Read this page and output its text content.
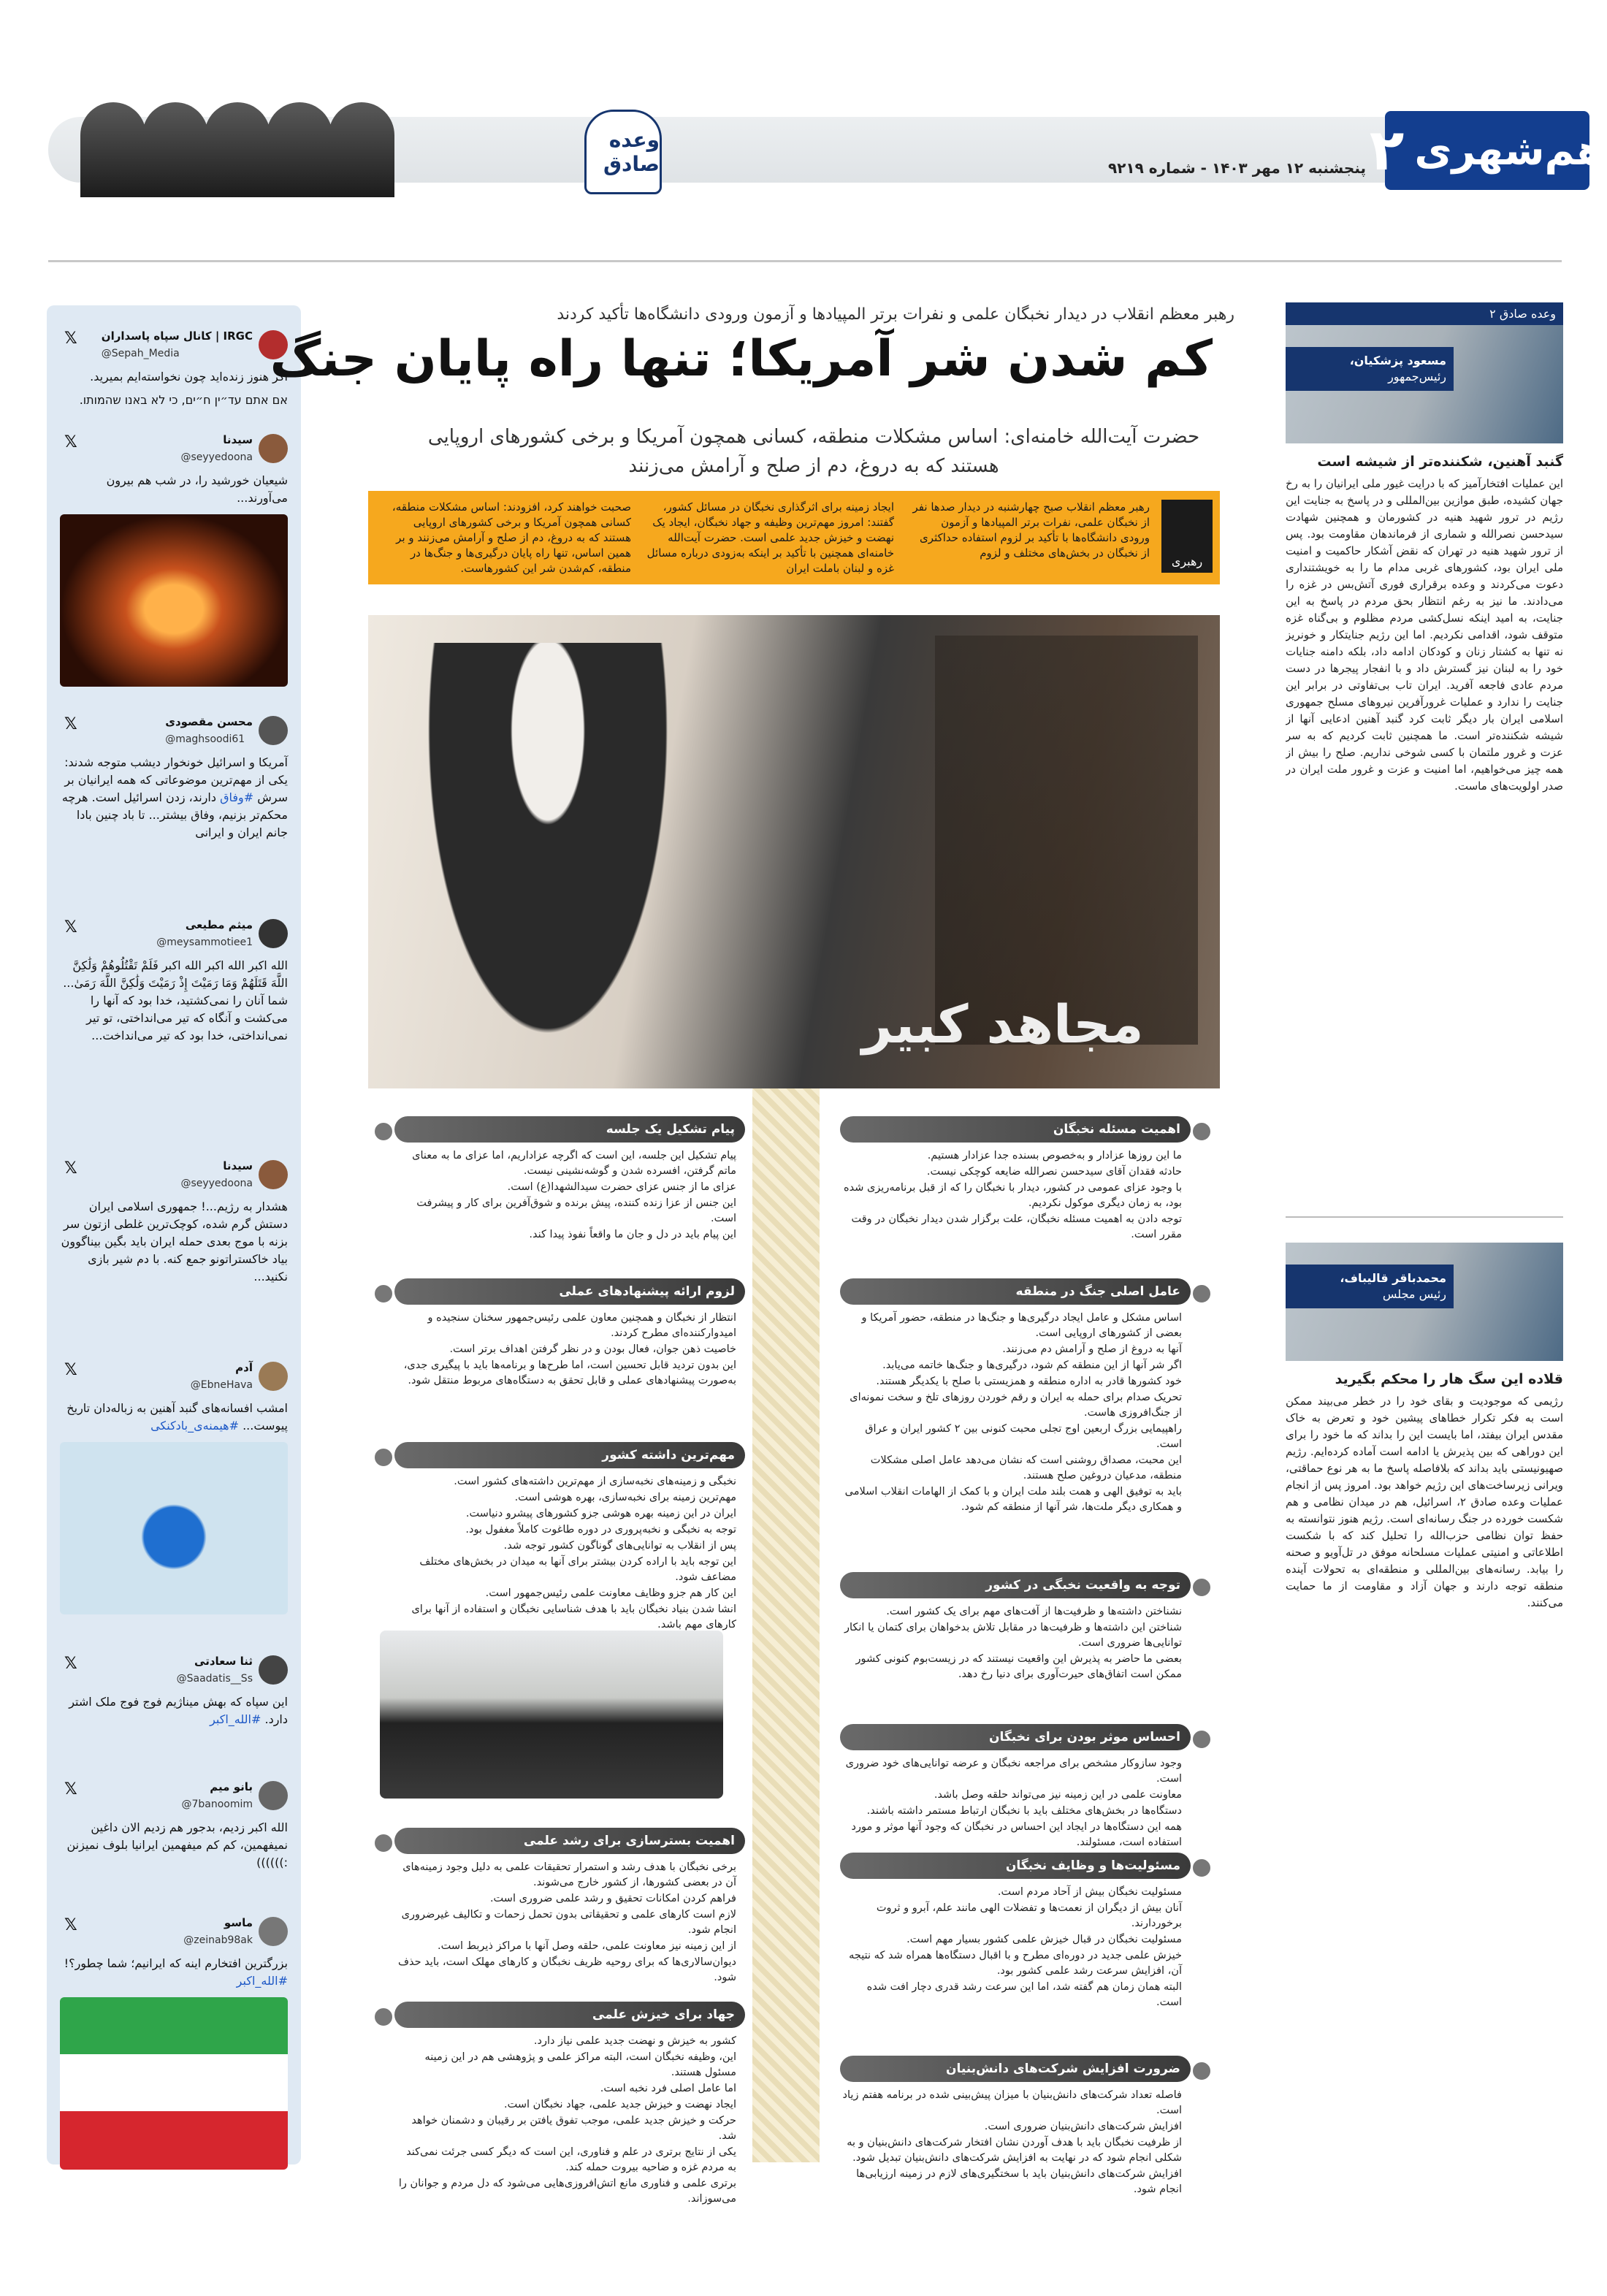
وعده صادق	پنجشنبه ۱۲ مهر ۱۴۰۳ - شماره ۹۲۱۹ هم‌شهری
۲
IRGC | کانال سپاه پاسداران
@Sepah_Media
𝕏
اگر هنوز زنده‌اید چون نخواسته‌ایم بمیرید.
אם אתם עד״ין ח״ים, כי לא באנו שהמותו.
سیدنا
@seyyedoona
𝕏
شیعیان خورشید را، در شب هم بیرون می‌آورند...
محسن مقصودی
@maghsoodi61
𝕏
آمریکا و اسرائیل خونخوار دیشب متوجه شدند: یکی از مهم‌ترین موضوعاتی که همه ایرانیان بر سرش #وفاق دارند، زدن اسرائیل است. هرچه محکم‌تر بزنیم، وفاق بیشتر... تا باد چنین بادا جانم ایران و ایرانی
میثم مطیعی
@meysammotiee1
𝕏
الله اکبر الله اکبر الله اکبر فَلَمْ تَقْتُلُوهُمْ وَلَٰکِنَّ اللَّهَ قَتَلَهُمْ وَمَا رَمَیْتَ إِذْ رَمَیْتَ وَلَٰکِنَّ اللَّهَ رَمَىٰ... شما آنان را نمی‌کشتید، خدا بود که آنها را می‌کشت و آنگاه که تیر می‌انداختی، تو تیر نمی‌انداختی، خدا بود که تیر می‌انداخت...
سیدنا
@seyyedoona
𝕏
هشدار به رژیم...! جمهوری اسلامی ایران دستش گرم شده، کوچک‌ترین غلطی ازتون سر بزنه با موج بعدی حمله ایران باید بگین بیناگوون بیاد خاکستراتونو جمع کنه. با دم شیر بازی نکنید...
آدم
@EbneHava
𝕏
امشب افسانه‌های گنبد آهنین به زباله‌دان تاریخ پیوست... #هیمنه‌ی_بادکنکی
ثنا سعادتی
@Saadatis__Ss
𝕏
این سپاه که بهش میناژیم فوج فوج ملک اشتر دارد. #الله_اکبر
بانو میم
@7banoomim
𝕏
الله اکبر زدیم، بدجور هم زدیم الان داغین نمیفهمین، کم کم میفهمین ایرانیا بلوف نمیزنن :))))))
ماسو
@zeinab98ak
𝕏
بزرگترین افتخارم اینه که ایرانیم؛ شما چطور؟! #الله_اکبر
رهبر معظم انقلاب در دیدار نخبگان علمی و نفرات برتر المپیادها و آزمون ورودی دانشگاه‌ها تأکید کردند
کم شدن شر آمریکا؛ تنها راه پایان جنگ
حضرت آیت‌الله خامنه‌ای: اساس مشکلات منطقه، کسانی همچون آمریکا و برخی کشورهای اروپایی هستند که به دروغ، دم از صلح و آرامش می‌زنند
رهبری
رهبر معظم انقلاب صبح چهارشنبه در دیدار صدها نفر از نخبگان علمی، نفرات برتر المپیادها و آزمون ورودی دانشگاه‌ها با تأکید بر لزوم استفاده حداکثری از نخبگان در بخش‌های مختلف و لزوم
ایجاد زمینه برای اثرگذاری نخبگان در مسائل کشور، گفتند: امروز مهم‌ترین وظیفه و جهاد نخبگان، ایجاد یک نهضت و خیزش جدید علمی است. حضرت آیت‌الله خامنه‌ای همچنین با تأکید بر اینکه به‌زودی درباره مسائل غزه و لبنان باملت ایران
صحبت خواهند کرد، افزودند: اساس مشکلات منطقه، کسانی همچون آمریکا و برخی کشورهای اروپایی هستند که به دروغ، دم از صلح و آرامش می‌زنند و بر همین اساس، تنها راه پایان درگیری‌ها و جنگ‌ها در منطقه، کم‌شدن شر این کشورهاست.
مجاهد کبیر
اهمیت مسئله نخبگان
ما این روزها عزادار و به‌خصوص بسنده جدا عزادار هستیم.
حادثه فقدان آقای سیدحسن نصرالله ضایعه کوچکی نیست.
با وجود عزای عمومی در کشور، دیدار با نخبگان را که از قبل برنامه‌ریزی شده بود، به زمان دیگری موکول نکردیم.
توجه دادن به اهمیت مسئله نخبگان، علت برگزار شدن دیدار نخبگان در وقت مقرر است.
عامل اصلی جنگ در منطقه
اساس مشکل و عامل ایجاد درگیری‌ها و جنگ‌ها در منطقه، حضور آمریکا و بعضی از کشورهای اروپایی است.
آنها به دروغ از صلح و آرامش دم می‌زنند.
اگر شر آنها از این منطقه کم شود، درگیری‌ها و جنگ‌ها خاتمه می‌یابد.
خود کشورها قادر به اداره منطقه و همزیستی با صلح با یکدیگر هستند.
تحریک صدام برای حمله به ایران و رقم خوردن روزهای تلخ و سخت نمونه‌ای از جنگ‌افروزی هاست.
راهپیمایی بزرگ اربعین اوج تجلی محبت کنونی بین ۲ کشور ایران و عراق است.
این محبت، مصداق روشنی است که نشان می‌دهد عامل اصلی مشکلات منطقه، مدعیان دروغین صلح هستند.
باید به توفیق الهی و همت بلند ملت ایران و با کمک از الهامات انقلاب اسلامی و همکاری دیگر ملت‌ها، شر آنها از منطقه کم شود.
توجه به واقعیت نخبگی در کشور
نشناختن داشته‌ها و ظرفیت‌ها از آفت‌های مهم برای یک کشور است.
شناختن این داشته‌ها و ظرفیت‌ها در مقابل تلاش بدخواهان برای کتمان یا انکار توانایی‌ها ضروری است.
بعضی ما حاضر به پذیرش این واقعیت نیستند که در زیست‌بوم کنونی کشور ممکن است اتفاق‌های حیرت‌آوری برای دنیا رخ دهد.
احساس موثر بودن برای نخبگان
وجود سازوکار مشخص برای مراجعه نخبگان و عرضه توانایی‌های خود ضروری است.
معاونت علمی در این زمینه نیز می‌تواند حلقه وصل باشد.
دستگاه‌ها در بخش‌های مختلف باید با نخبگان ارتباط مستمر داشته باشند.
همه این دستگاه‌ها در ایجاد این احساس در نخبگان که وجود آنها موثر و مورد استفاده است، مسئولند.
مسئولیت‌ها و وظایف نخبگان
مسئولیت نخبگان بیش از آحاد مردم است.
آنان بیش از دیگران از نعمت‌ها و تفضلات الهی مانند علم، آبرو و ثروت برخوردارند.
مسئولیت نخبگان در قبال خیزش علمی کشور بسیار مهم است.
خیزش علمی جدید در دوره‌ای مطرح و با اقبال دستگاه‌ها همراه شد که نتیجه آن، افزایش سرعت رشد علمی کشور بود.
البته همان زمان هم گفته شد، اما این سرعت رشد قدری دچار افت شده است.
ضرورت افزایش شرکت‌های دانش‌بنیان
فاصله تعداد شرکت‌های دانش‌بنیان با میزان پیش‌بینی شده در برنامه هفتم زیاد است.
افزایش شرکت‌های دانش‌بنیان ضروری است.
از ظرفیت نخبگان باید با هدف آوردن نشان افتخار شرکت‌های دانش‌بنیان و به شکلی انجام شود که در نهایت به افزایش شرکت‌های دانش‌بنیان تبدیل شود.
افزایش شرکت‌های دانش‌بنیان باید با سختگیری‌های لازم در زمینه ارزیابی‌ها انجام شود.
پیام تشکیل یک جلسه
پیام تشکیل این جلسه، این است که اگرچه عزاداریم، اما عزای ما به معنای ماتم گرفتن، افسرده شدن و گوشه‌نشینی نیست.
عزای ما از جنس عزای حضرت سیدالشهدا(ع) است.
این جنس از عزا زنده کننده، پیش برنده و شوق‌آفرین برای کار و پیشرفت است.
این پیام باید در دل و جان ما واقعاً نفوذ پیدا کند.
لزوم ارائه پیشنهادهای عملی
انتظار از نخبگان و همچنین معاون علمی رئیس‌جمهور سخنان سنجیده و امیدوارکننده‌ای مطرح کردند.
خاصیت ذهن جوان، فعال بودن و در نظر گرفتن اهداف برتر است.
این بدون تردید قابل تحسین است، اما طرح‌ها و برنامه‌ها باید با پیگیری جدی، به‌صورت پیشنهادهای عملی و قابل تحقق به دستگاه‌های مربوط منتقل شود.
مهم‌ترین داشته کشور
نخبگی و زمینه‌های نخبه‌سازی از مهم‌ترین داشته‌های کشور است.
مهم‌ترین زمینه برای نخبه‌سازی، بهره هوشی است.
ایران در این زمینه بهره هوشی جزو کشورهای پیشرو دنیاست.
توجه به نخبگی و نخبه‌پروری در دوره طاغوت کاملاً مغفول بود.
پس از انقلاب به توانایی‌های گوناگون کشور توجه شد.
این توجه باید با اراده کردن بیشتر برای آنها به میدان در بخش‌های مختلف مضاعف شود.
این کار هم جزو وظایف معاونت علمی رئیس‌جمهور است.
انشا شدن بنیاد نخبگان باید با هدف شناسایی نخبگان و استفاده از آنها برای کارهای مهم باشد.
اهمیت بسترسازی برای رشد علمی
برخی نخبگان با هدف رشد و استمرار تحقیقات علمی به دلیل وجود زمینه‌های آن در بعضی کشورها، از کشور خارج می‌شوند.
فراهم کردن امکانات تحقیق و رشد علمی ضروری است.
لازم است کارهای علمی و تحقیقاتی بدون تحمل زحمات و تکالیف غیرضروری انجام شود.
از این زمینه نیز معاونت علمی، حلقه وصل آنها با مراکز ذیربط است.
دیوان‌سالاری‌ها که برای روحیه ظریف نخبگان و کارهای مهلک است، باید حذف شود.
جهاد برای خیزش علمی
کشور به خیزش و نهضت جدید علمی نیاز دارد.
این، وظیفه نخبگان است، البته مراکز علمی و پژوهشی هم در این زمینه مسئول هستند.
اما عامل اصلی فرد نخبه است.
ایجاد نهضت و خیزش جدید علمی، جهاد نخبگان است.
حرکت و خیزش جدید علمی، موجب تفوق یافتن بر رقیبان و دشمنان خواهد شد.
یکی از نتایج برتری در علم و فناوری، این است که دیگر کسی جرئت نمی‌کند به مردم غزه و ضاحیه بیروت حمله کند.
برتری علمی و فناوری مانع اتش‌افروزی‌هایی می‌شود که دل مردم و جوانان را می‌سوزاند.
وعده صادق ۲
مسعود پزشکیان،
رئیس‌جمهور
گنبد آهنین، شکننده‌تر از شیشه است
این عملیات افتخارآمیز که با درایت غیور ملی ایرانیان را به رخ جهان کشیده، طبق موازین بین‌المللی و در پاسخ به جنایت این رژیم در ترور شهید هنیه در کشورمان و همچنین شهادت سیدحسن نصرالله و شماری از فرماندهان مقاومت بود. پس از ترور شهید هنیه در تهران که نقض آشکار حاکمیت و امنیت ملی ایران بود، کشورهای غربی مدام ما را به خویشتنداری دعوت می‌کردند و وعده برقراری فوری آتش‌بس در غزه را می‌دادند. ما نیز به رغم انتظار بحق مردم در پاسخ به این جنایت، به امید اینکه نسل‌کشی مردم مظلوم و بی‌گناه غزه متوقف شود، اقدامی نکردیم. اما این رژیم جنایتکار و خونریز نه تنها به کشتار زنان و کودکان ادامه داد، بلکه دامنه جنایات خود را به لبنان نیز گسترش داد و با انفجار پیجرها در دست مردم عادی فاجعه آفرید. ایران تاب بی‌تفاوتی در برابر این جنایت را ندارد و عملیات غرورآفرین نیروهای مسلح جمهوری اسلامی ایران بار دیگر ثابت کرد گنبد آهنین ادعایی آنها از شیشه شکننده‌تر است. ما همچنین ثابت کردیم که به سر عزت و غرور ملتمان با کسی شوخی نداریم. صلح را بیش از همه چیز می‌خواهیم، اما امنیت و عزت و غرور ملت ایران در صدر اولویت‌های ماست.
محمدباقر قالیباف،
رئیس مجلس
قلاده این سگ هار را محکم بگیرید
رژیمی که موجودیت و بقای خود را در خطر می‌بیند ممکن است به فکر تکرار خطاهای پیشین خود و تعرض به خاک مقدس ایران بیفتد، اما بایست این را بداند که ما خود را برای این دوراهی که بین پذیرش یا ادامه است آماده کرده‌ایم. رژیم صهیونیستی باید بداند که بلافاصله پاسخ ما به هر نوع حماقتی، ویرانی زیرساخت‌های این رژیم خواهد بود. امروز پس از انجام عملیات وعده صادق ۲، اسرائیل، هم در میدان نظامی و هم شکست خورده در جنگ رسانه‌ای است. رژیم هنوز نتوانسته به حفظ توان نظامی حزب‌الله را تحلیل کند که با شکست اطلاعاتی و امنیتی عملیات مسلحانه موفق در تل‌آویو و صحنه را بیابد. رسانه‌های بین‌المللی و منطقه‌ای به تحولات آینده منطقه توجه دارند و جهان آزاد و مقاومت از ما حمایت می‌کنند.
